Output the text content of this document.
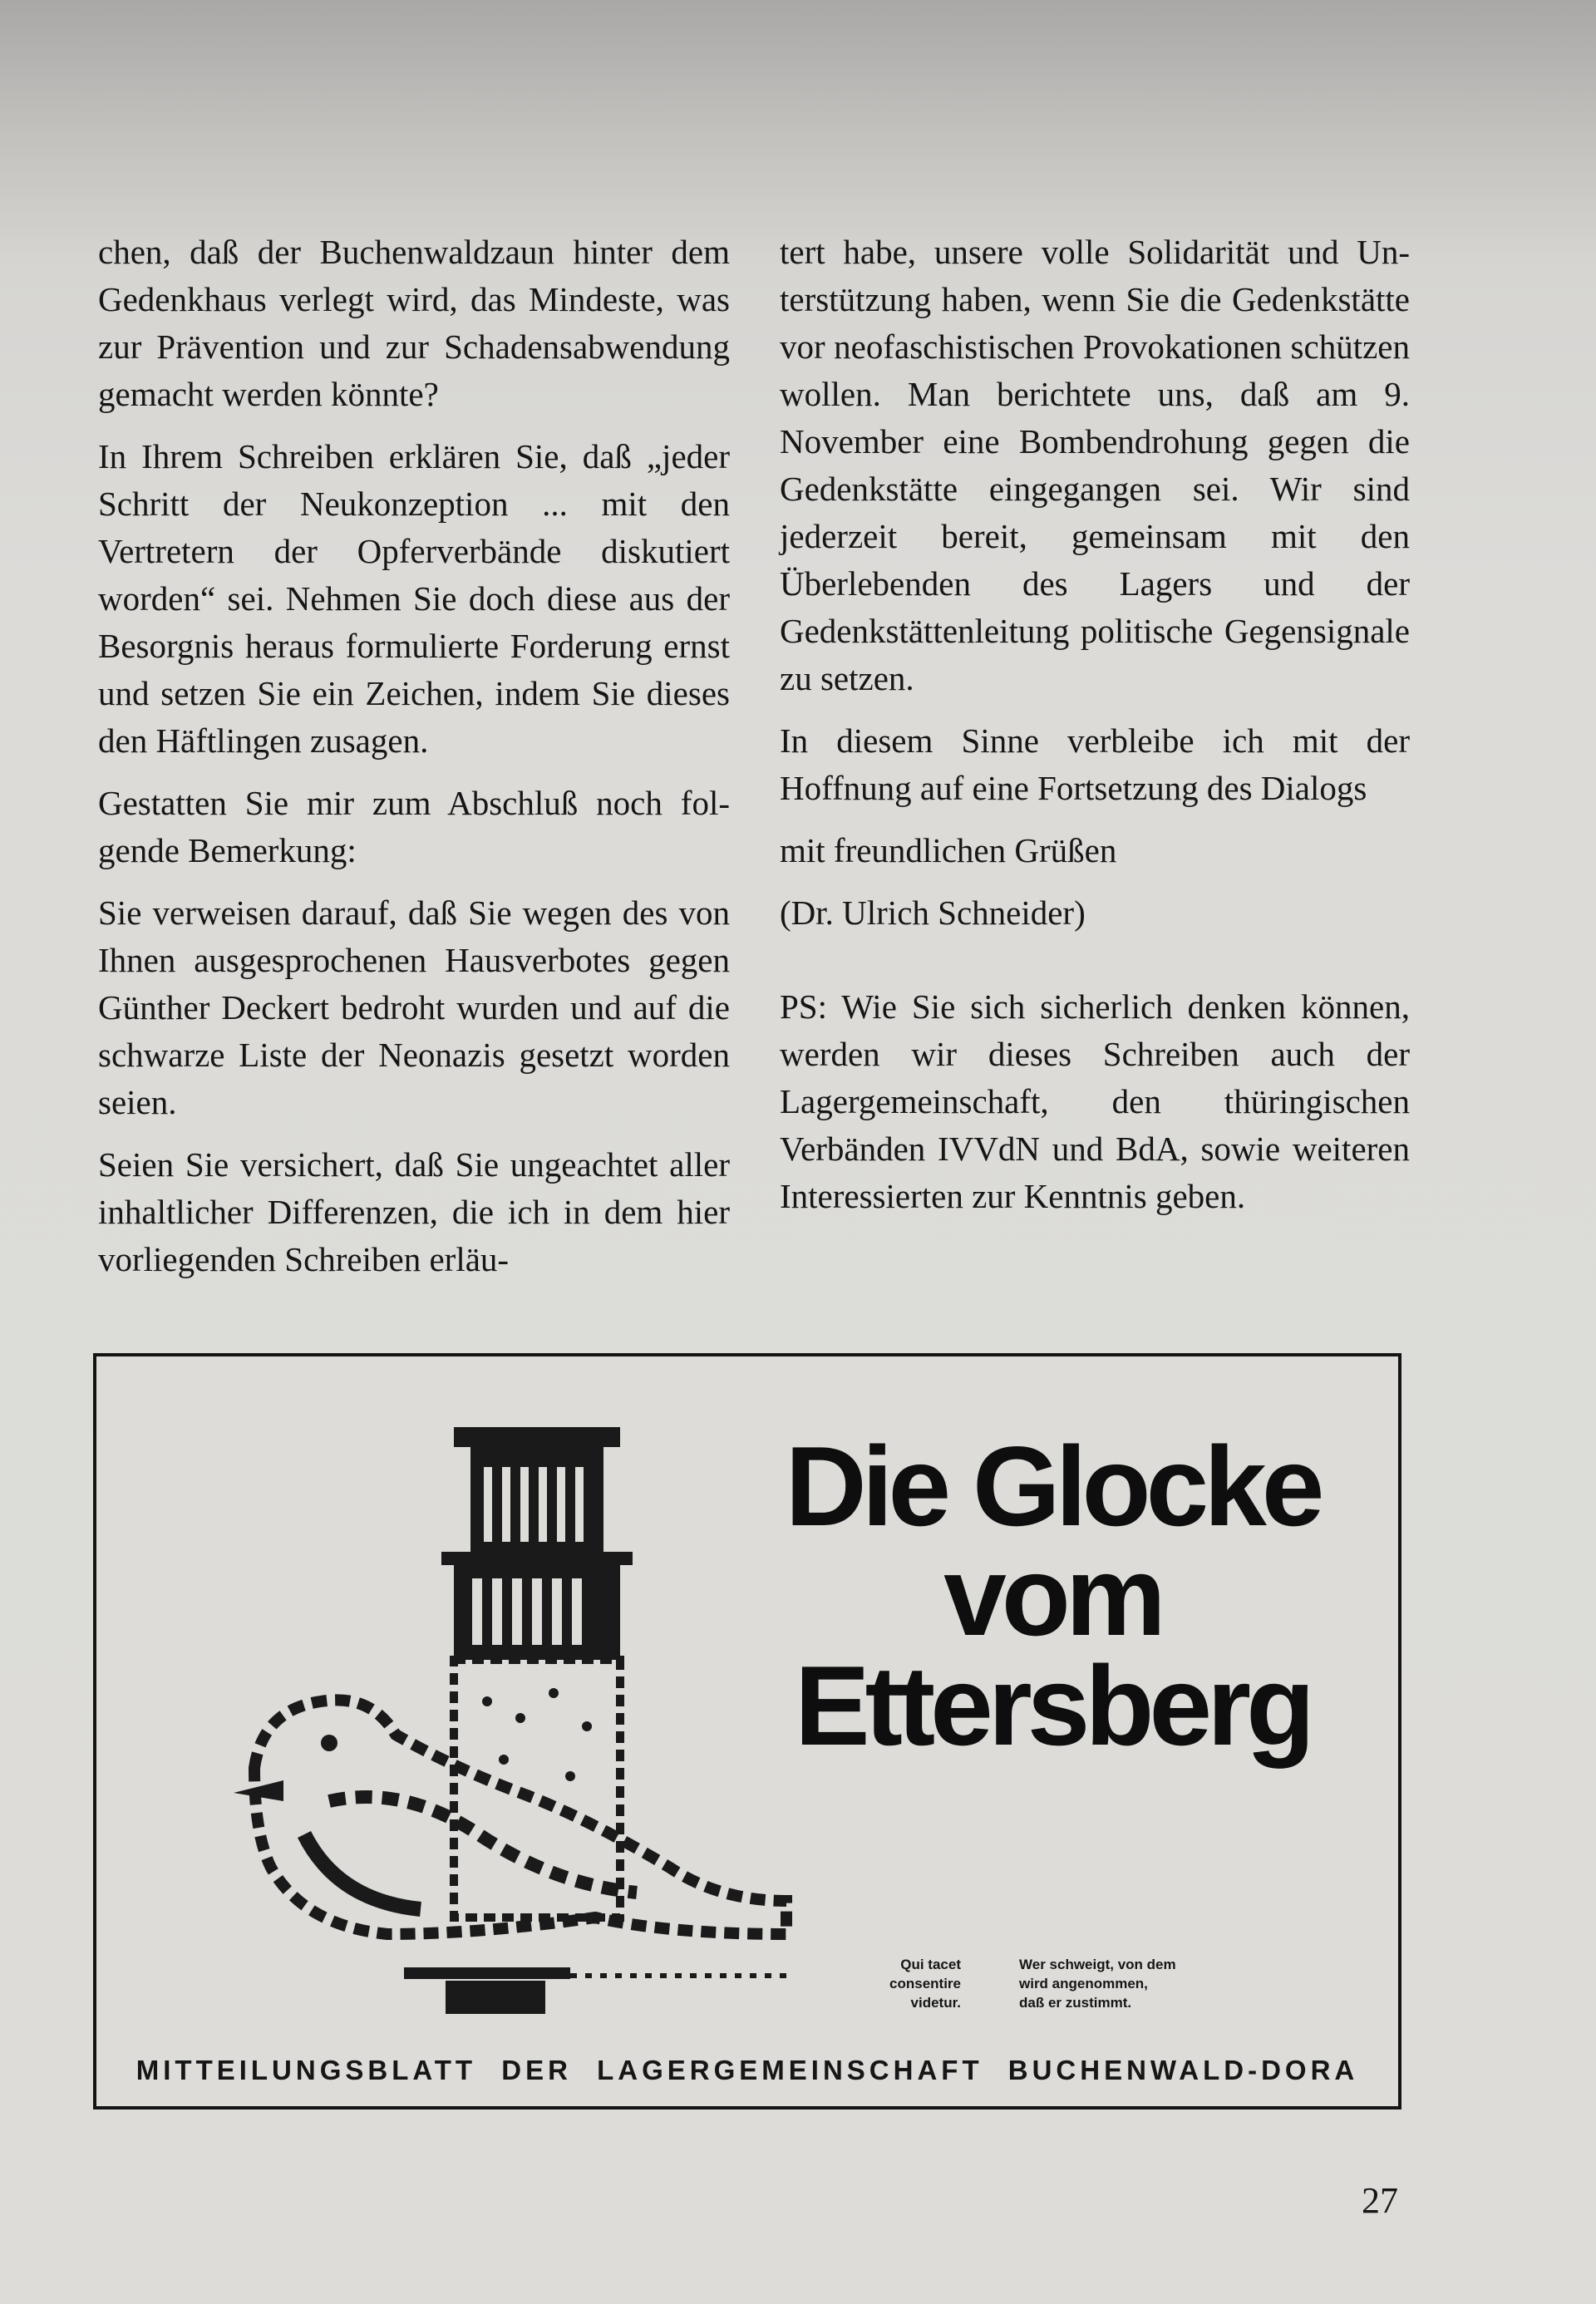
chen, daß der Buchenwaldzaun hinter dem Gedenkhaus verlegt wird, das Mindeste, was zur Prävention und zur Schadensabwendung gemacht werden könnte?

In Ihrem Schreiben erklären Sie, daß „jeder Schritt der Neukonzeption ... mit den Vertretern der Opferverbände diskutiert worden“ sei. Nehmen Sie doch diese aus der Besorgnis heraus formulierte Forderung ernst und setzen Sie ein Zeichen, indem Sie dieses den Häftlingen zusagen.

Gestatten Sie mir zum Abschluß noch folgende Bemerkung:

Sie verweisen darauf, daß Sie wegen des von Ihnen ausgesprochenen Hausverbotes gegen Günther Deckert bedroht wurden und auf die schwarze Liste der Neonazis gesetzt worden seien.

Seien Sie versichert, daß Sie ungeachtet aller inhaltlicher Differenzen, die ich in dem hier vorliegenden Schreiben erläu-

tert habe, unsere volle Solidarität und Unterstützung haben, wenn Sie die Gedenkstätte vor neofaschistischen Provokationen schützen wollen. Man berichtete uns, daß am 9. November eine Bombendrohung gegen die Gedenkstätte eingegangen sei. Wir sind jederzeit bereit, gemeinsam mit den Überlebenden des Lagers und der Gedenkstättenleitung politische Gegensignale zu setzen.

In diesem Sinne verbleibe ich mit der Hoffnung auf eine Fortsetzung des Dialogs

mit freundlichen Grüßen

(Dr. Ulrich Schneider)

PS: Wie Sie sich sicherlich denken können, werden wir dieses Schreiben auch der Lagergemeinschaft, den thüringischen Verbänden IVVdN und BdA, sowie weiteren Interessierten zur Kenntnis geben.

Die Glocke
vom
Ettersberg
Qui tacet
consentire
videtur.
Wer schweigt, von dem
wird angenommen,
daß er zustimmt.
MITTEILUNGSBLATT DER LAGERGEMEINSCHAFT BUCHENWALD-DORA
27
